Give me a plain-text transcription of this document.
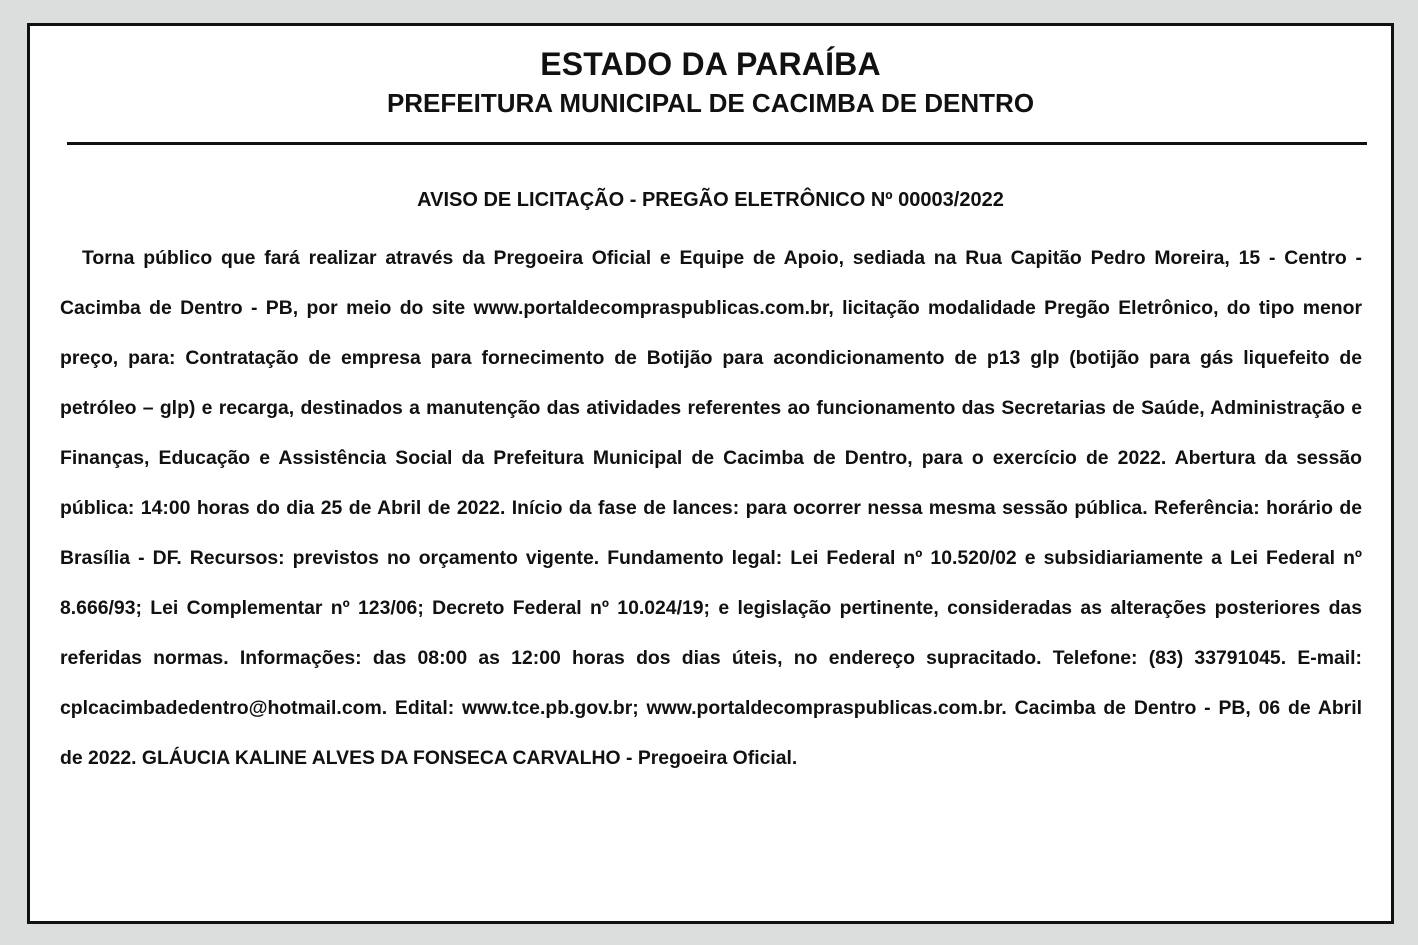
ESTADO DA PARAÍBA
PREFEITURA MUNICIPAL DE CACIMBA DE DENTRO
AVISO DE LICITAÇÃO - PREGÃO ELETRÔNICO Nº 00003/2022

Torna público que fará realizar através da Pregoeira Oficial e Equipe de Apoio, sediada na Rua Capitão Pedro Moreira, 15 - Centro - Cacimba de Dentro - PB, por meio do site www.portaldecompraspublicas.com.br, licitação modalidade Pregão Eletrônico, do tipo menor preço, para: Contratação de empresa para fornecimento de Botijão para acondicionamento de p13 glp (botijão para gás liquefeito de petróleo – glp) e recarga, destinados a manutenção das atividades referentes ao funcionamento das Secretarias de Saúde, Administração e Finanças, Educação e Assistência Social da Prefeitura Municipal de Cacimba de Dentro, para o exercício de 2022. Abertura da sessão pública: 14:00 horas do dia 25 de Abril de 2022. Início da fase de lances: para ocorrer nessa mesma sessão pública. Referência: horário de Brasília - DF. Recursos: previstos no orçamento vigente. Fundamento legal: Lei Federal nº 10.520/02 e subsidiariamente a Lei Federal nº 8.666/93; Lei Complementar nº 123/06; Decreto Federal nº 10.024/19; e legislação pertinente, consideradas as alterações posteriores das referidas normas. Informações: das 08:00 as 12:00 horas dos dias úteis, no endereço supracitado. Telefone: (83) 33791045. E-mail: cplcacimbadedentro@hotmail.com. Edital: www.tce.pb.gov.br; www.portaldecompraspublicas.com.br. Cacimba de Dentro - PB, 06 de Abril de 2022. GLÁUCIA KALINE ALVES DA FONSECA CARVALHO - Pregoeira Oficial.
